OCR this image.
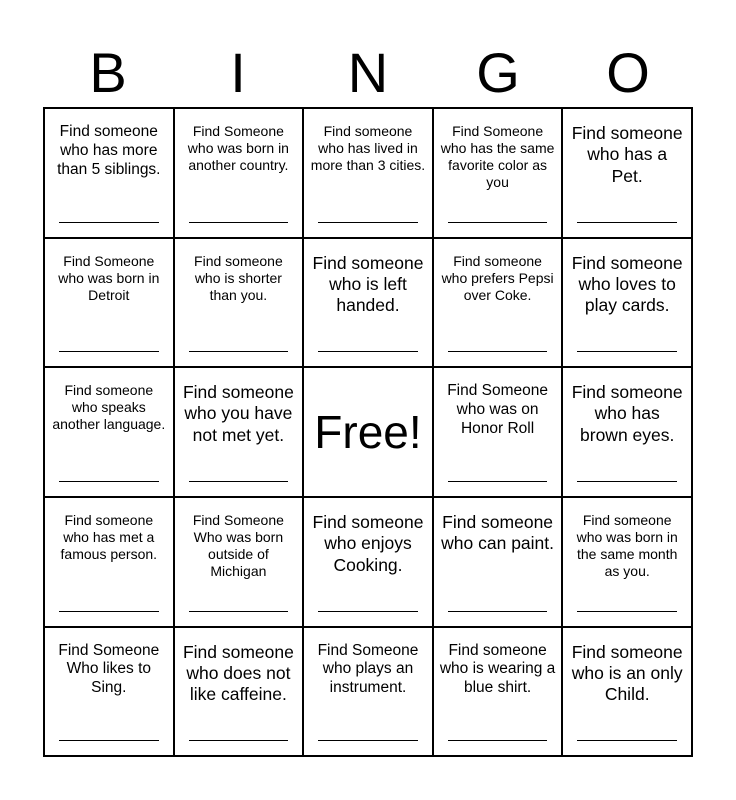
B	I	N	G	O
Find someone who has more than 5 siblings.
Find Someone who was born in another country.
Find someone who has lived in more than 3 cities.
Find Someone who has the same favorite color as you
Find someone who has a Pet.
Find Someone who was born in Detroit
Find someone who is shorter than you.
Find someone who is left handed.
Find someone who prefers Pepsi over Coke.
Find someone who loves to play cards.
Find someone who speaks another language.
Find someone who you have not met yet. Free!
Find Someone who was on Honor Roll
Find someone who has brown eyes.
Find someone who has met a famous person.
Find Someone Who was born outside of Michigan
Find someone who enjoys Cooking.
Find someone who can paint.
Find someone who was born in the same month as you.
Find Someone Who likes to Sing.
Find someone who does not like caffeine.
Find Someone who plays an instrument.
Find someone who is wearing a blue shirt.
Find someone who is an only Child.
